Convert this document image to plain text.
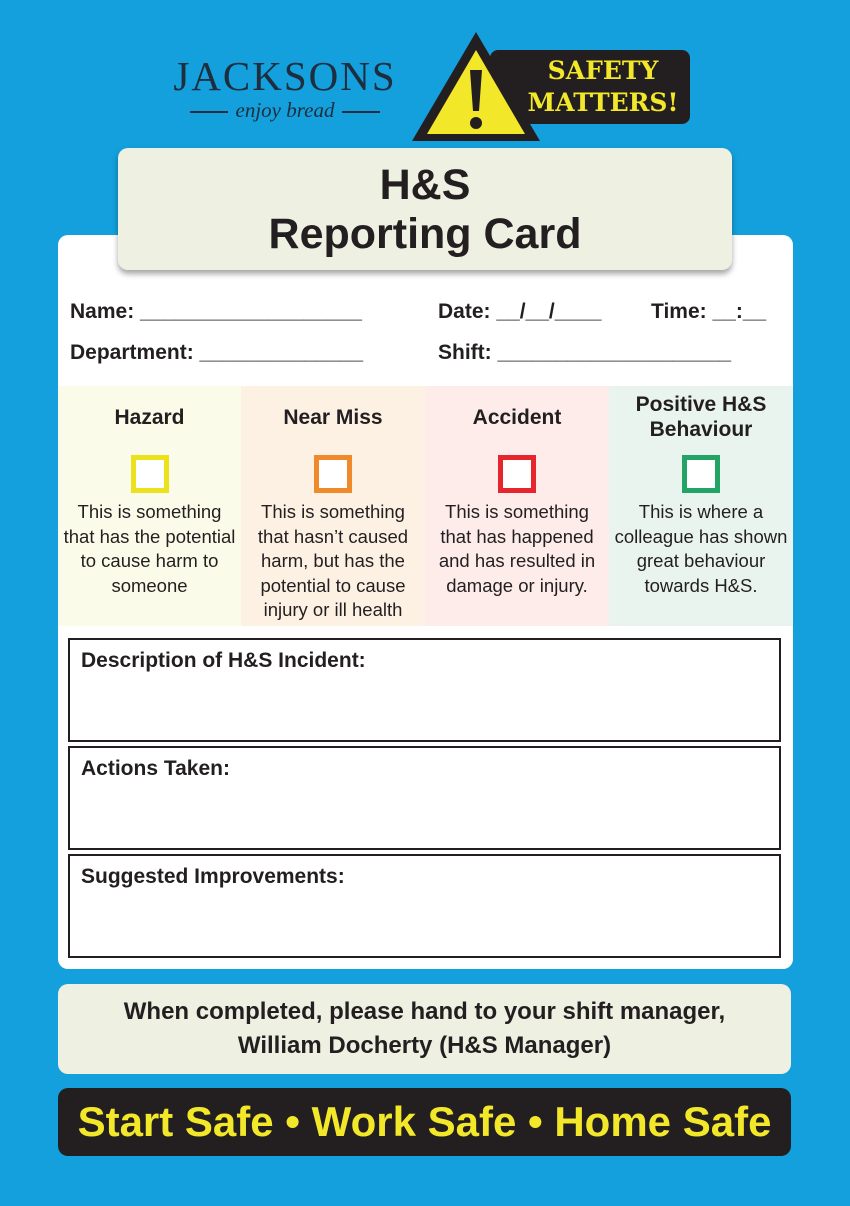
JACKSONS
enjoy bread
SAFETY
MATTERS!
H&S
Reporting Card
Name: ___________________	Date: __/__/____ Time: __:__
Department: ______________	Shift: ____________________
Hazard
This is something that has the potential to cause harm to someone
Near Miss
This is something that hasn’t caused harm, but has the potential to cause injury or ill health
Accident
This is something that has happened and has resulted in damage or injury.
Positive H&S Behaviour
This is where a colleague has shown great behaviour towards H&S.
Description of H&S Incident:
Actions Taken:
Suggested Improvements:
When completed, please hand to your shift manager,
William Docherty (H&S Manager)
Start Safe • Work Safe • Home Safe
